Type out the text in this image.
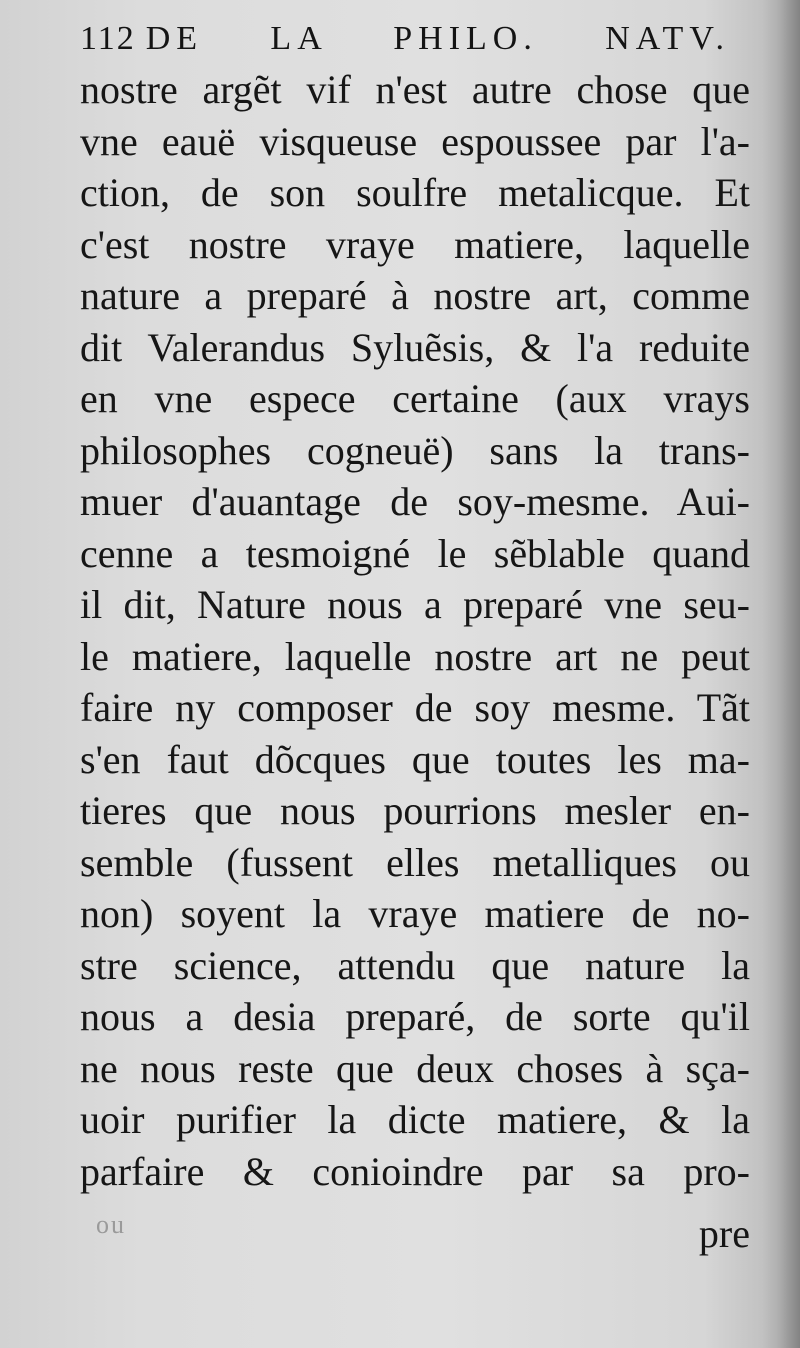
112 DE LA PHILO. NATV.
nostre argẽt vif n'est autre chose que
vne eauë visqueuse espoussee par l'a-
ction, de son soulfre metalicque. Et
c'est nostre vraye matiere, laquelle
nature a preparé à nostre art, comme
dit Valerandus Syluẽsis, & l'a reduite
en vne espece certaine (aux vrays
philosophes cogneuë) sans la trans-
muer d'auantage de soy-mesme. Aui-
cenne a tesmoigné le sẽblable quand
il dit, Nature nous a preparé vne seu-
le matiere, laquelle nostre art ne peut
faire ny composer de soy mesme. Tãt
s'en faut dõcques que toutes les ma-
tieres que nous pourrions mesler en-
semble (fussent elles metalliques ou
non) soyent la vraye matiere de no-
stre science, attendu que nature la
nous a desia preparé, de sorte qu'il
ne nous reste que deux choses à sça-
uoir purifier la dicte matiere, & la
parfaire & conioindre par sa pro-
ou	pre
